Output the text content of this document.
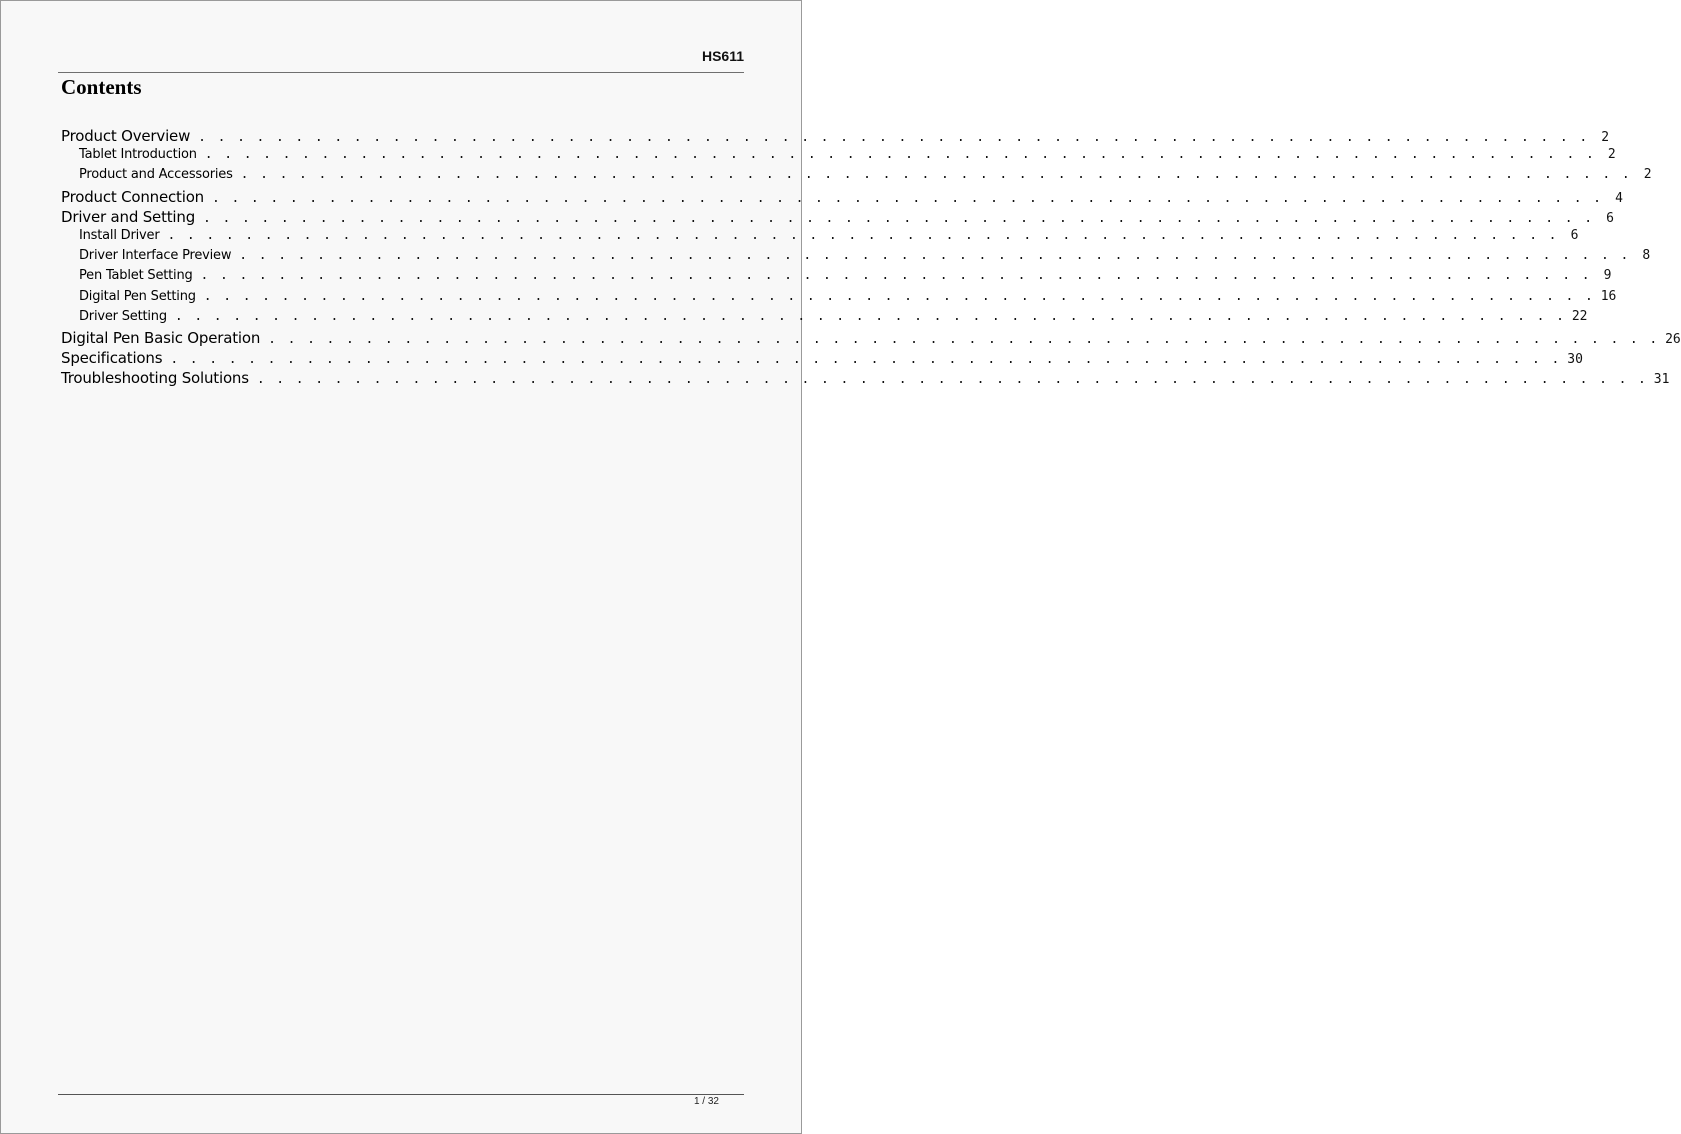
HS611
Contents
Product Overview . . . . . . . . . . . . . . . . . . . . . . . . . . . . . . . . . . . . . . . . . . . . . . . . . . . . . . . . . . . . . . . . . . . . . . . . 2
Tablet Introduction . . . . . . . . . . . . . . . . . . . . . . . . . . . . . . . . . . . . . . . . . . . . . . . . . . . . . . . . . . . . . . . . . . . . . . . . 2
Product and Accessories . . . . . . . . . . . . . . . . . . . . . . . . . . . . . . . . . . . . . . . . . . . . . . . . . . . . . . . . . . . . . . . . . . . . . . . . 2
Product Connection . . . . . . . . . . . . . . . . . . . . . . . . . . . . . . . . . . . . . . . . . . . . . . . . . . . . . . . . . . . . . . . . . . . . . . . . 4
Driver and Setting . . . . . . . . . . . . . . . . . . . . . . . . . . . . . . . . . . . . . . . . . . . . . . . . . . . . . . . . . . . . . . . . . . . . . . . . 6
Install Driver . . . . . . . . . . . . . . . . . . . . . . . . . . . . . . . . . . . . . . . . . . . . . . . . . . . . . . . . . . . . . . . . . . . . . . . . 6
Driver Interface Preview . . . . . . . . . . . . . . . . . . . . . . . . . . . . . . . . . . . . . . . . . . . . . . . . . . . . . . . . . . . . . . . . . . . . . . . . 8
Pen Tablet Setting . . . . . . . . . . . . . . . . . . . . . . . . . . . . . . . . . . . . . . . . . . . . . . . . . . . . . . . . . . . . . . . . . . . . . . . . 9
Digital Pen Setting . . . . . . . . . . . . . . . . . . . . . . . . . . . . . . . . . . . . . . . . . . . . . . . . . . . . . . . . . . . . . . . . . . . . . . . . 16
Driver Setting . . . . . . . . . . . . . . . . . . . . . . . . . . . . . . . . . . . . . . . . . . . . . . . . . . . . . . . . . . . . . . . . . . . . . . . . 22
Digital Pen Basic Operation . . . . . . . . . . . . . . . . . . . . . . . . . . . . . . . . . . . . . . . . . . . . . . . . . . . . . . . . . . . . . . . . . . . . . . . . 26
Specifications . . . . . . . . . . . . . . . . . . . . . . . . . . . . . . . . . . . . . . . . . . . . . . . . . . . . . . . . . . . . . . . . . . . . . . . . 30
Troubleshooting Solutions . . . . . . . . . . . . . . . . . . . . . . . . . . . . . . . . . . . . . . . . . . . . . . . . . . . . . . . . . . . . . . . . . . . . . . . . 31
1 / 32
